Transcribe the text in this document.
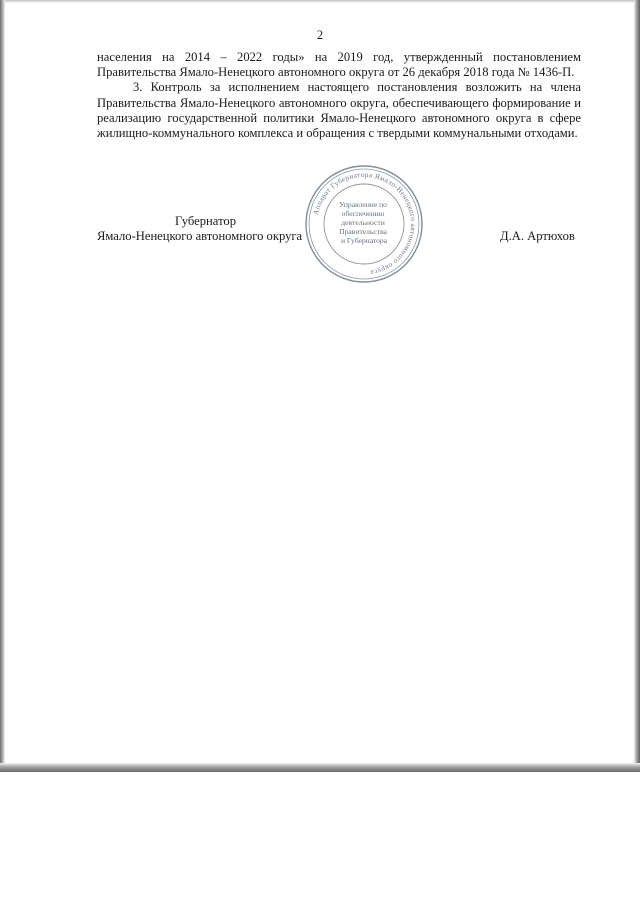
2

населения на 2014 – 2022 годы» на 2019 год, утвержденный постановлением Правительства Ямало-Ненецкого автономного округа от 26 декабря 2018 года № 1436-П.

3. Контроль за исполнением настоящего постановления возложить на члена Правительства Ямало-Ненецкого автономного округа, обеспечивающего формирование и реализацию государственной политики Ямало-Ненецкого автономного округа в сфере жилищно-коммунального комплекса и обращения с твердыми коммунальными отходами.

Аппарат Губернатора Ямало-Ненецкого автономного округа
Управление по обеспечению деятельности Правительства и Губернатора
Губернатор
Ямало-Ненецкого автономного округа	Д.А. Артюхов
